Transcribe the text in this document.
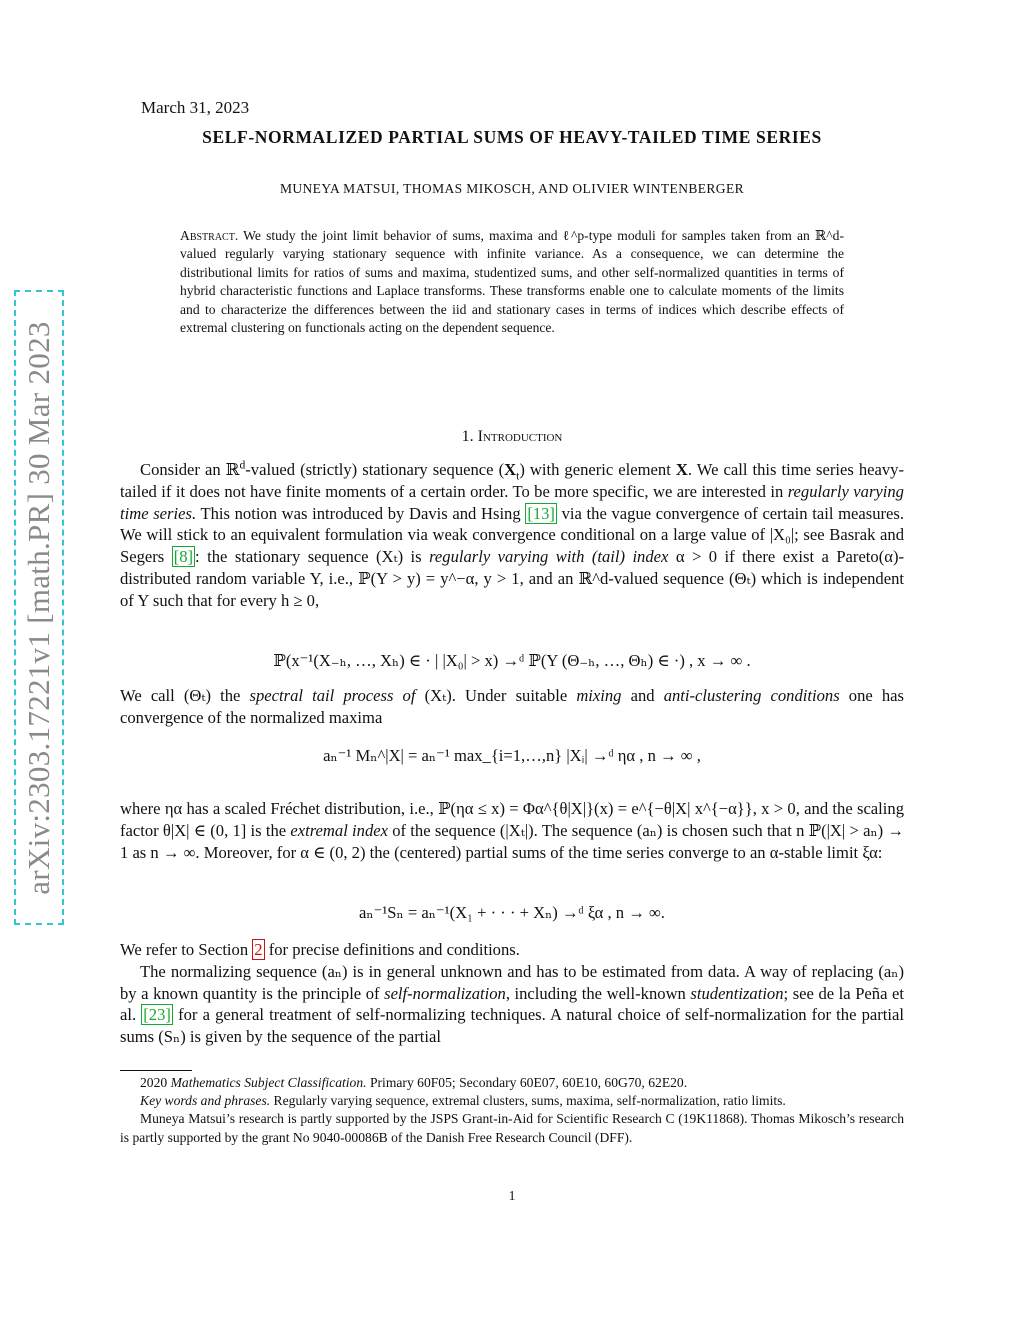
arXiv:2303.17221v1 [math.PR] 30 Mar 2023
March 31, 2023
SELF-NORMALIZED PARTIAL SUMS OF HEAVY-TAILED TIME SERIES
MUNEYA MATSUI, THOMAS MIKOSCH, AND OLIVIER WINTENBERGER
Abstract. We study the joint limit behavior of sums, maxima and ℓ^p-type moduli for samples taken from an ℝ^d-valued regularly varying stationary sequence with infinite variance. As a consequence, we can determine the distributional limits for ratios of sums and maxima, studentized sums, and other self-normalized quantities in terms of hybrid characteristic functions and Laplace transforms. These transforms enable one to calculate moments of the limits and to characterize the differences between the iid and stationary cases in terms of indices which describe effects of extremal clustering on functionals acting on the dependent sequence.
1. Introduction
Consider an ℝ$^d$-valued (strictly) stationary sequence $(X_t)$ with generic element X. We call this time series heavy-tailed if it does not have finite moments of a certain order. To be more specific, we are interested in regularly varying time series. This notion was introduced by Davis and Hsing [13] via the vague convergence of certain tail measures. We will stick to an equivalent formulation via weak convergence conditional on a large value of |X₀|; see Basrak and Segers [8] : the stationary sequence (Xₜ) is regularly varying with (tail) index α > 0 if there exist a Pareto(α)-distributed random variable Y, i.e., ℙ(Y > y) = y^−α, y > 1, and an ℝ^d-valued sequence (Θₜ) which is independent of Y such that for every h ≥ 0,
ℙ(x⁻¹(X₋ₕ, …, Xₕ) ∈ · | |X₀| > x) →ᵈ ℙ(Y (Θ₋ₕ, …, Θₕ) ∈ ·) , x → ∞ .
We call (Θₜ) the spectral tail process of (Xₜ). Under suitable mixing and anti-clustering conditions one has convergence of the normalized maxima
aₙ⁻¹ Mₙ^|X| = aₙ⁻¹ max_{i=1,…,n} |Xᵢ| →ᵈ ηα , n → ∞ ,
where ηα has a scaled Fréchet distribution, i.e., ℙ(ηα ≤ x) = Φα^{θ|X|}(x) = e^{−θ|X| x^{−α}}, x > 0, and the scaling factor θ|X| ∈ (0, 1] is the extremal index of the sequence (|Xₜ|). The sequence (aₙ) is chosen such that n ℙ(|X| > aₙ) → 1 as n → ∞. Moreover, for α ∈ (0, 2) the (centered) partial sums of the time series converge to an α-stable limit ξα:
aₙ⁻¹Sₙ = aₙ⁻¹(X₁ + · · · + Xₙ) →ᵈ ξα , n → ∞.
We refer to Section 2 for precise definitions and conditions.
The normalizing sequence (aₙ) is in general unknown and has to be estimated from data. A way of replacing (aₙ) by a known quantity is the principle of self-normalization, including the well-known studentization; see de la Peña et al. [23] for a general treatment of self-normalizing techniques. A natural choice of self-normalization for the partial sums (Sₙ) is given by the sequence of the partial

2020 Mathematics Subject Classification. Primary 60F05; Secondary 60E07, 60E10, 60G70, 62E20.

Key words and phrases. Regularly varying sequence, extremal clusters, sums, maxima, self-normalization, ratio limits.

Muneya Matsui’s research is partly supported by the JSPS Grant-in-Aid for Scientific Research C (19K11868). Thomas Mikosch’s research is partly supported by the grant No 9040-00086B of the Danish Free Research Council (DFF).

1
